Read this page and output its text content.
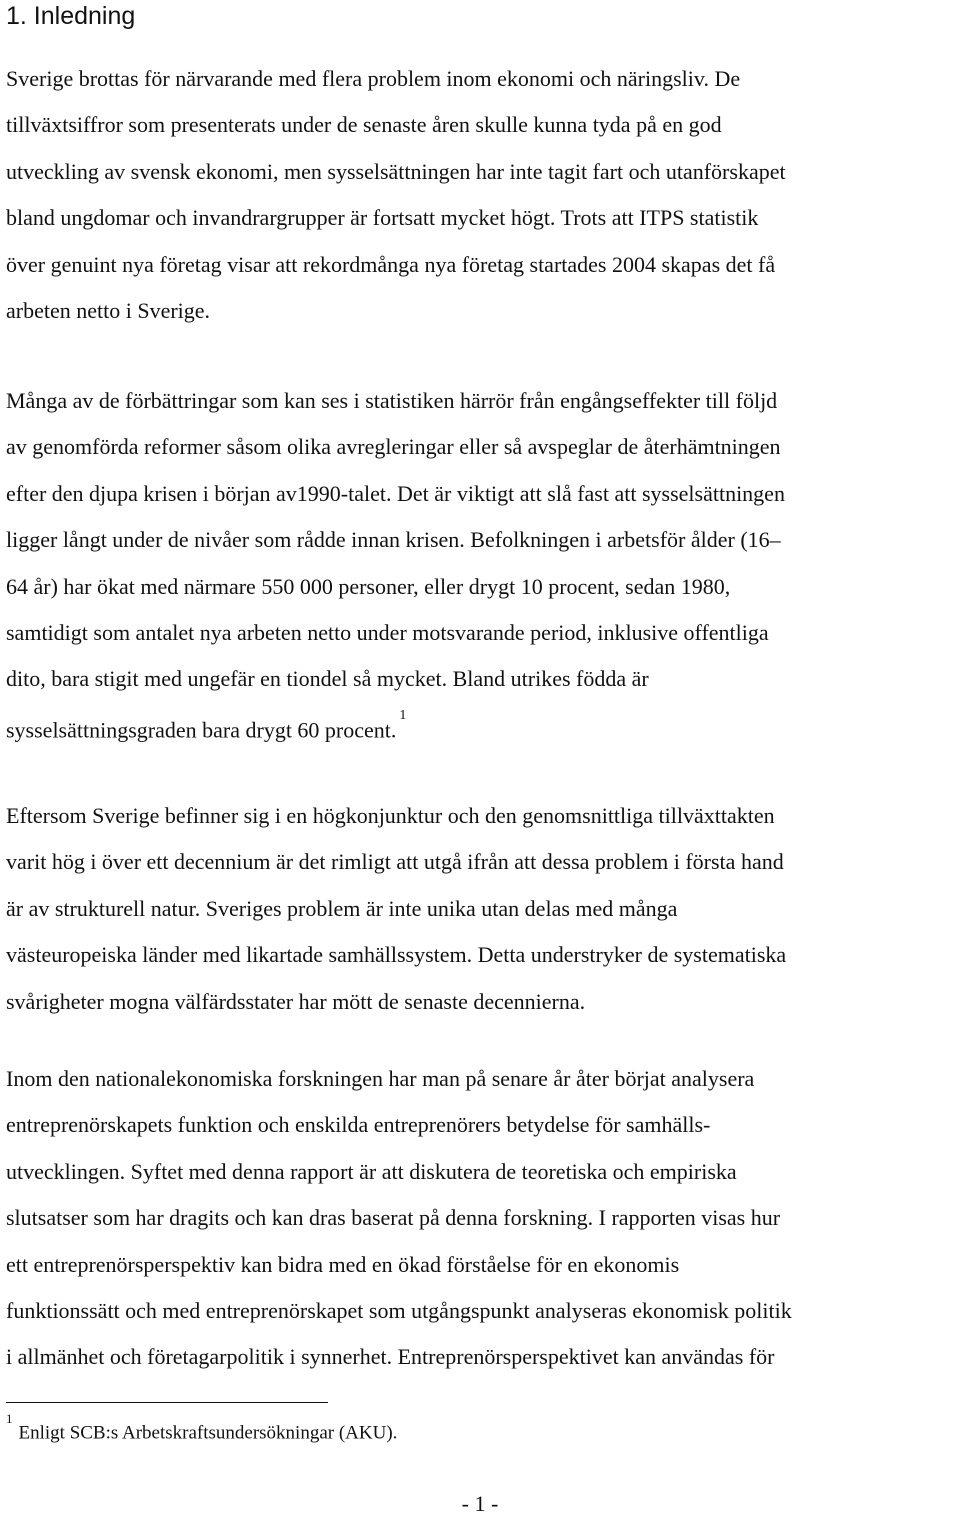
1. Inledning

Sverige brottas för närvarande med flera problem inom ekonomi och näringsliv. De
tillväxtsiffror som presenterats under de senaste åren skulle kunna tyda på en god
utveckling av svensk ekonomi, men sysselsättningen har inte tagit fart och utanförskapet
bland ungdomar och invandrargrupper är fortsatt mycket högt. Trots att ITPS statistik
över genuint nya företag visar att rekordmånga nya företag startades 2004 skapas det få
arbeten netto i Sverige.

Många av de förbättringar som kan ses i statistiken härrör från engångseffekter till följd
av genomförda reformer såsom olika avregleringar eller så avspeglar de återhämtningen
efter den djupa krisen i början av1990-talet. Det är viktigt att slå fast att sysselsättningen
ligger långt under de nivåer som rådde innan krisen. Befolkningen i arbetsför ålder (16–
64 år) har ökat med närmare 550 000 personer, eller drygt 10 procent, sedan 1980,
samtidigt som antalet nya arbeten netto under motsvarande period, inklusive offentliga
dito, bara stigit med ungefär en tiondel så mycket. Bland utrikes födda är
sysselsättningsgraden bara drygt 60 procent.$^1$

Eftersom Sverige befinner sig i en högkonjunktur och den genomsnittliga tillväxttakten
varit hög i över ett decennium är det rimligt att utgå ifrån att dessa problem i första hand
är av strukturell natur. Sveriges problem är inte unika utan delas med många
västeuropeiska länder med likartade samhällssystem. Detta understryker de systematiska
svårigheter mogna välfärdsstater har mött de senaste decennierna.

Inom den nationalekonomiska forskningen har man på senare år åter börjat analysera
entreprenörskapets funktion och enskilda entreprenörers betydelse för samhälls-
utvecklingen. Syftet med denna rapport är att diskutera de teoretiska och empiriska
slutsatser som har dragits och kan dras baserat på denna forskning. I rapporten visas hur
ett entreprenörsperspektiv kan bidra med en ökad förståelse för en ekonomis
funktionssätt och med entreprenörskapet som utgångspunkt analyseras ekonomisk politik
i allmänhet och företagarpolitik i synnerhet. Entreprenörsperspektivet kan användas för

$^1$Enligt SCB:s Arbetskraftsundersökningar (AKU).

- 1 -
